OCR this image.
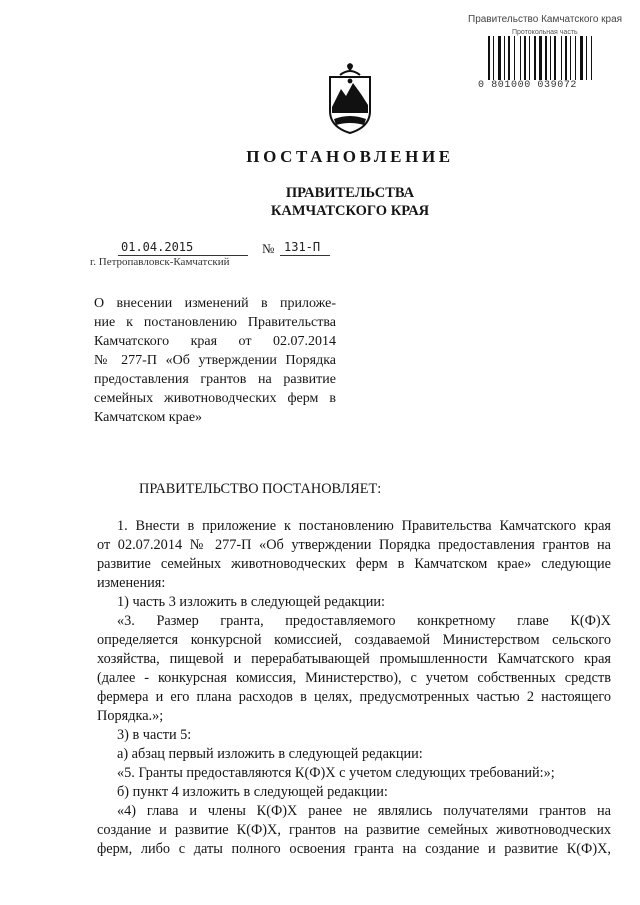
Правительство Камчатского края
Протокольная часть
0 801000 039072
ПОСТАНОВЛЕНИЕ
ПРАВИТЕЛЬСТВА
КАМЧАТСКОГО КРАЯ
01.04.2015	№ 131-П
г. Петропавловск-Камчатский
О внесении изменений в приложе-
ние к постановлению Правительства
Камчатского края от 02.07.2014
№ 277-П «Об утверждении Порядка
предоставления грантов на развитие
семейных животноводческих ферм в
Камчатском крае»
ПРАВИТЕЛЬСТВО ПОСТАНОВЛЯЕТ:
1. Внести в приложение к постановлению Правительства Камчатского края
от 02.07.2014 № 277-П «Об утверждении Порядка предоставления грантов на
развитие семейных животноводческих ферм в Камчатском крае» следующие
изменения:
1) часть 3 изложить в следующей редакции:
«3. Размер гранта, предоставляемого конкретному главе К(Ф)Х
определяется конкурсной комиссией, создаваемой Министерством сельского
хозяйства, пищевой и перерабатывающей промышленности Камчатского края
(далее - конкурсная комиссия, Министерство), с учетом собственных средств
фермера и его плана расходов в целях, предусмотренных частью 2 настоящего
Порядка.»;
3) в части 5:
а) абзац первый изложить в следующей редакции:
«5. Гранты предоставляются К(Ф)Х с учетом следующих требований:»;
б) пункт 4 изложить в следующей редакции:
«4) глава и члены К(Ф)Х ранее не являлись получателями грантов на
создание и развитие К(Ф)Х, грантов на развитие семейных животноводческих
ферм, либо с даты полного освоения гранта на создание и развитие К(Ф)Х,
